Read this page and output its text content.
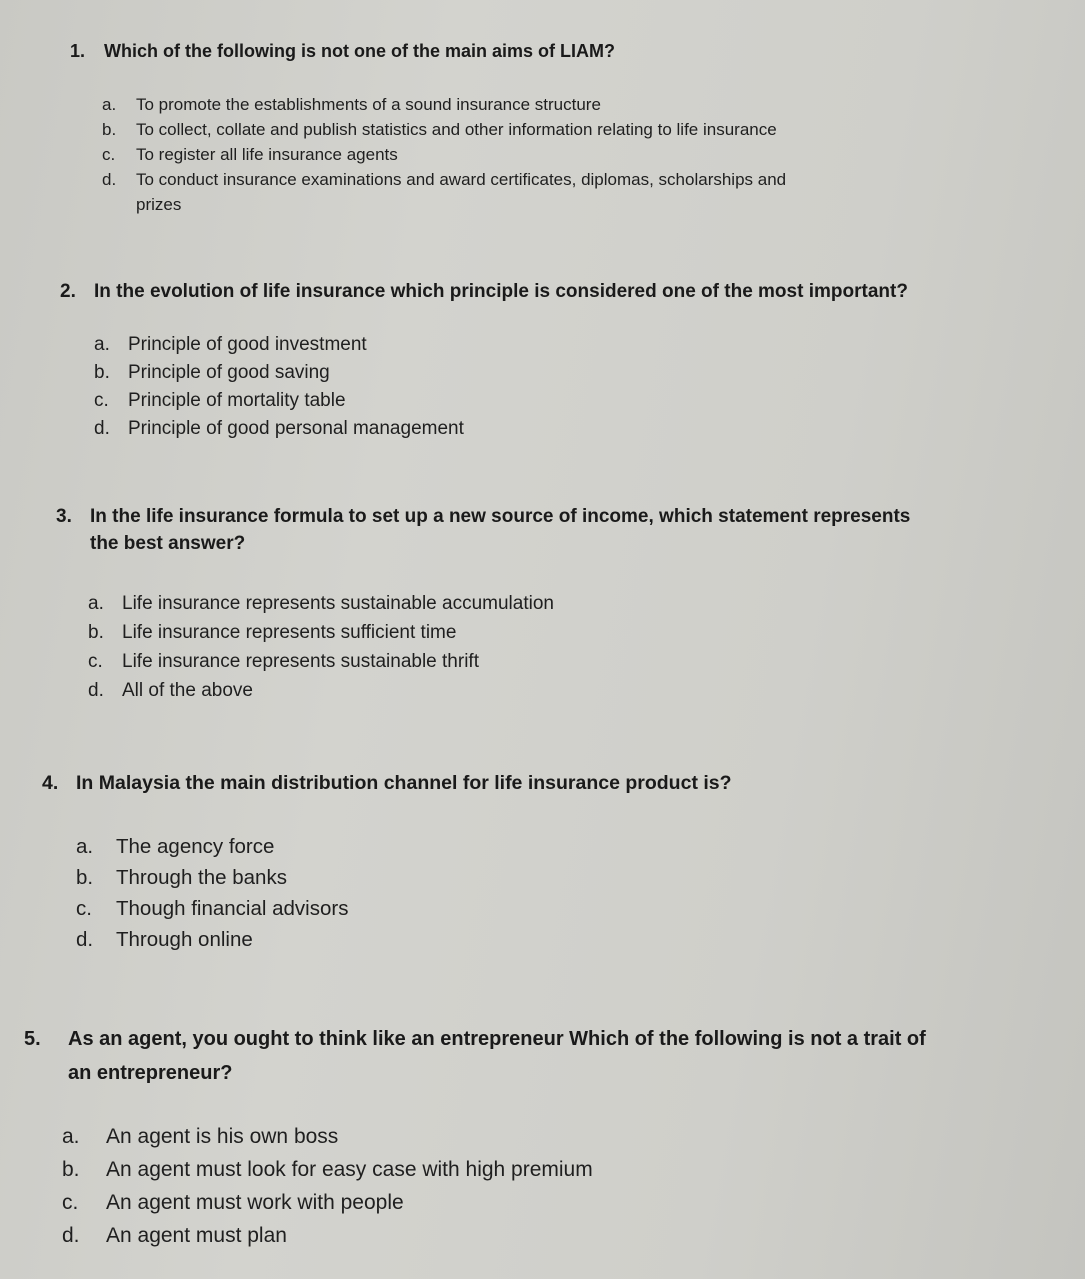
1. Which of the following is not one of the main aims of LIAM?
a. To promote the establishments of a sound insurance structure
b. To collect, collate and publish statistics and other information relating to life insurance
c. To register all life insurance agents
d. To conduct insurance examinations and award certificates, diplomas, scholarships and
prizes
2. In the evolution of life insurance which principle is considered one of the most important?
a. Principle of good investment
b. Principle of good saving
c. Principle of mortality table
d. Principle of good personal management
3. In the life insurance formula to set up a new source of income, which statement represents
the best answer?
a. Life insurance represents sustainable accumulation
b. Life insurance represents sufficient time
c. Life insurance represents sustainable thrift
d. All of the above
4. In Malaysia the main distribution channel for life insurance product is?
a. The agency force
b. Through the banks
c. Though financial advisors
d. Through online
5. As an agent, you ought to think like an entrepreneur Which of the following is not a trait of
an entrepreneur?
a. An agent is his own boss
b. An agent must look for easy case with high premium
c. An agent must work with people
d. An agent must plan
